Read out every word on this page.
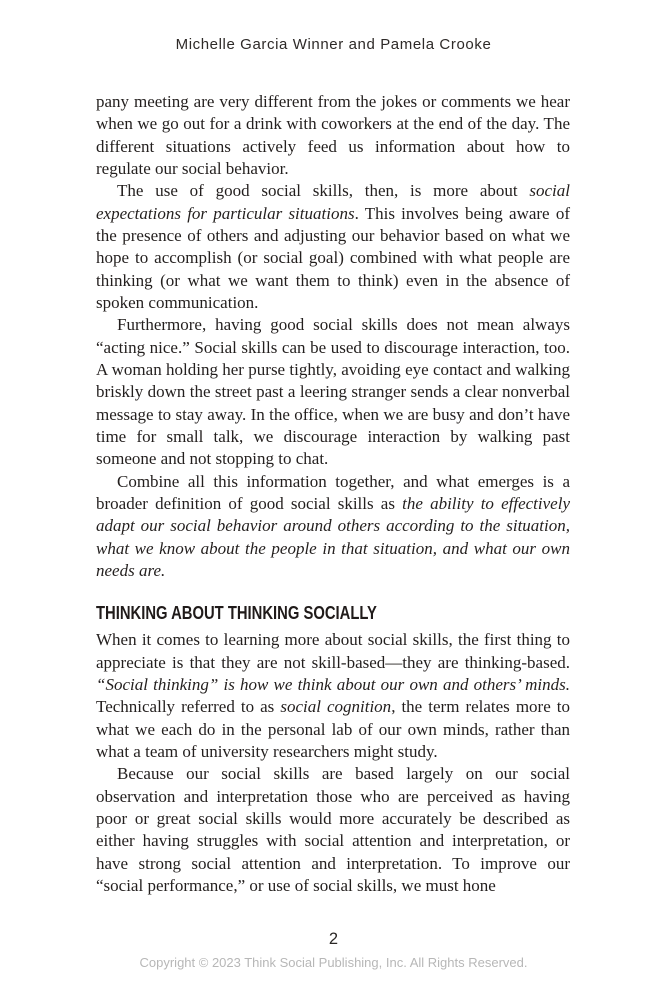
Michelle Garcia Winner and Pamela Crooke

pany meeting are very different from the jokes or comments we hear when we go out for a drink with coworkers at the end of the day. The different situations actively feed us information about how to regulate our social behavior.

The use of good social skills, then, is more about social expectations for particular situations. This involves being aware of the presence of others and adjusting our behavior based on what we hope to accomplish (or social goal) combined with what people are thinking (or what we want them to think) even in the absence of spoken communication.

Furthermore, having good social skills does not mean always “acting nice.” Social skills can be used to discourage interaction, too. A woman holding her purse tightly, avoiding eye contact and walking briskly down the street past a leering stranger sends a clear nonverbal message to stay away. In the office, when we are busy and don’t have time for small talk, we discourage interaction by walking past someone and not stopping to chat.

Combine all this information together, and what emerges is a broader definition of good social skills as the ability to effectively adapt our social behavior around others according to the situation, what we know about the people in that situation, and what our own needs are.

THINKING ABOUT THINKING SOCIALLY

When it comes to learning more about social skills, the first thing to appreciate is that they are not skill-based—they are thinking-based. “Social thinking” is how we think about our own and others’ minds. Technically referred to as social cognition, the term relates more to what we each do in the personal lab of our own minds, rather than what a team of university researchers might study.

Because our social skills are based largely on our social observation and interpretation those who are perceived as having poor or great social skills would more accurately be described as either having struggles with social attention and interpretation, or have strong social attention and interpretation. To improve our “social performance,” or use of social skills, we must hone

2
Copyright © 2023 Think Social Publishing, Inc. All Rights Reserved.
